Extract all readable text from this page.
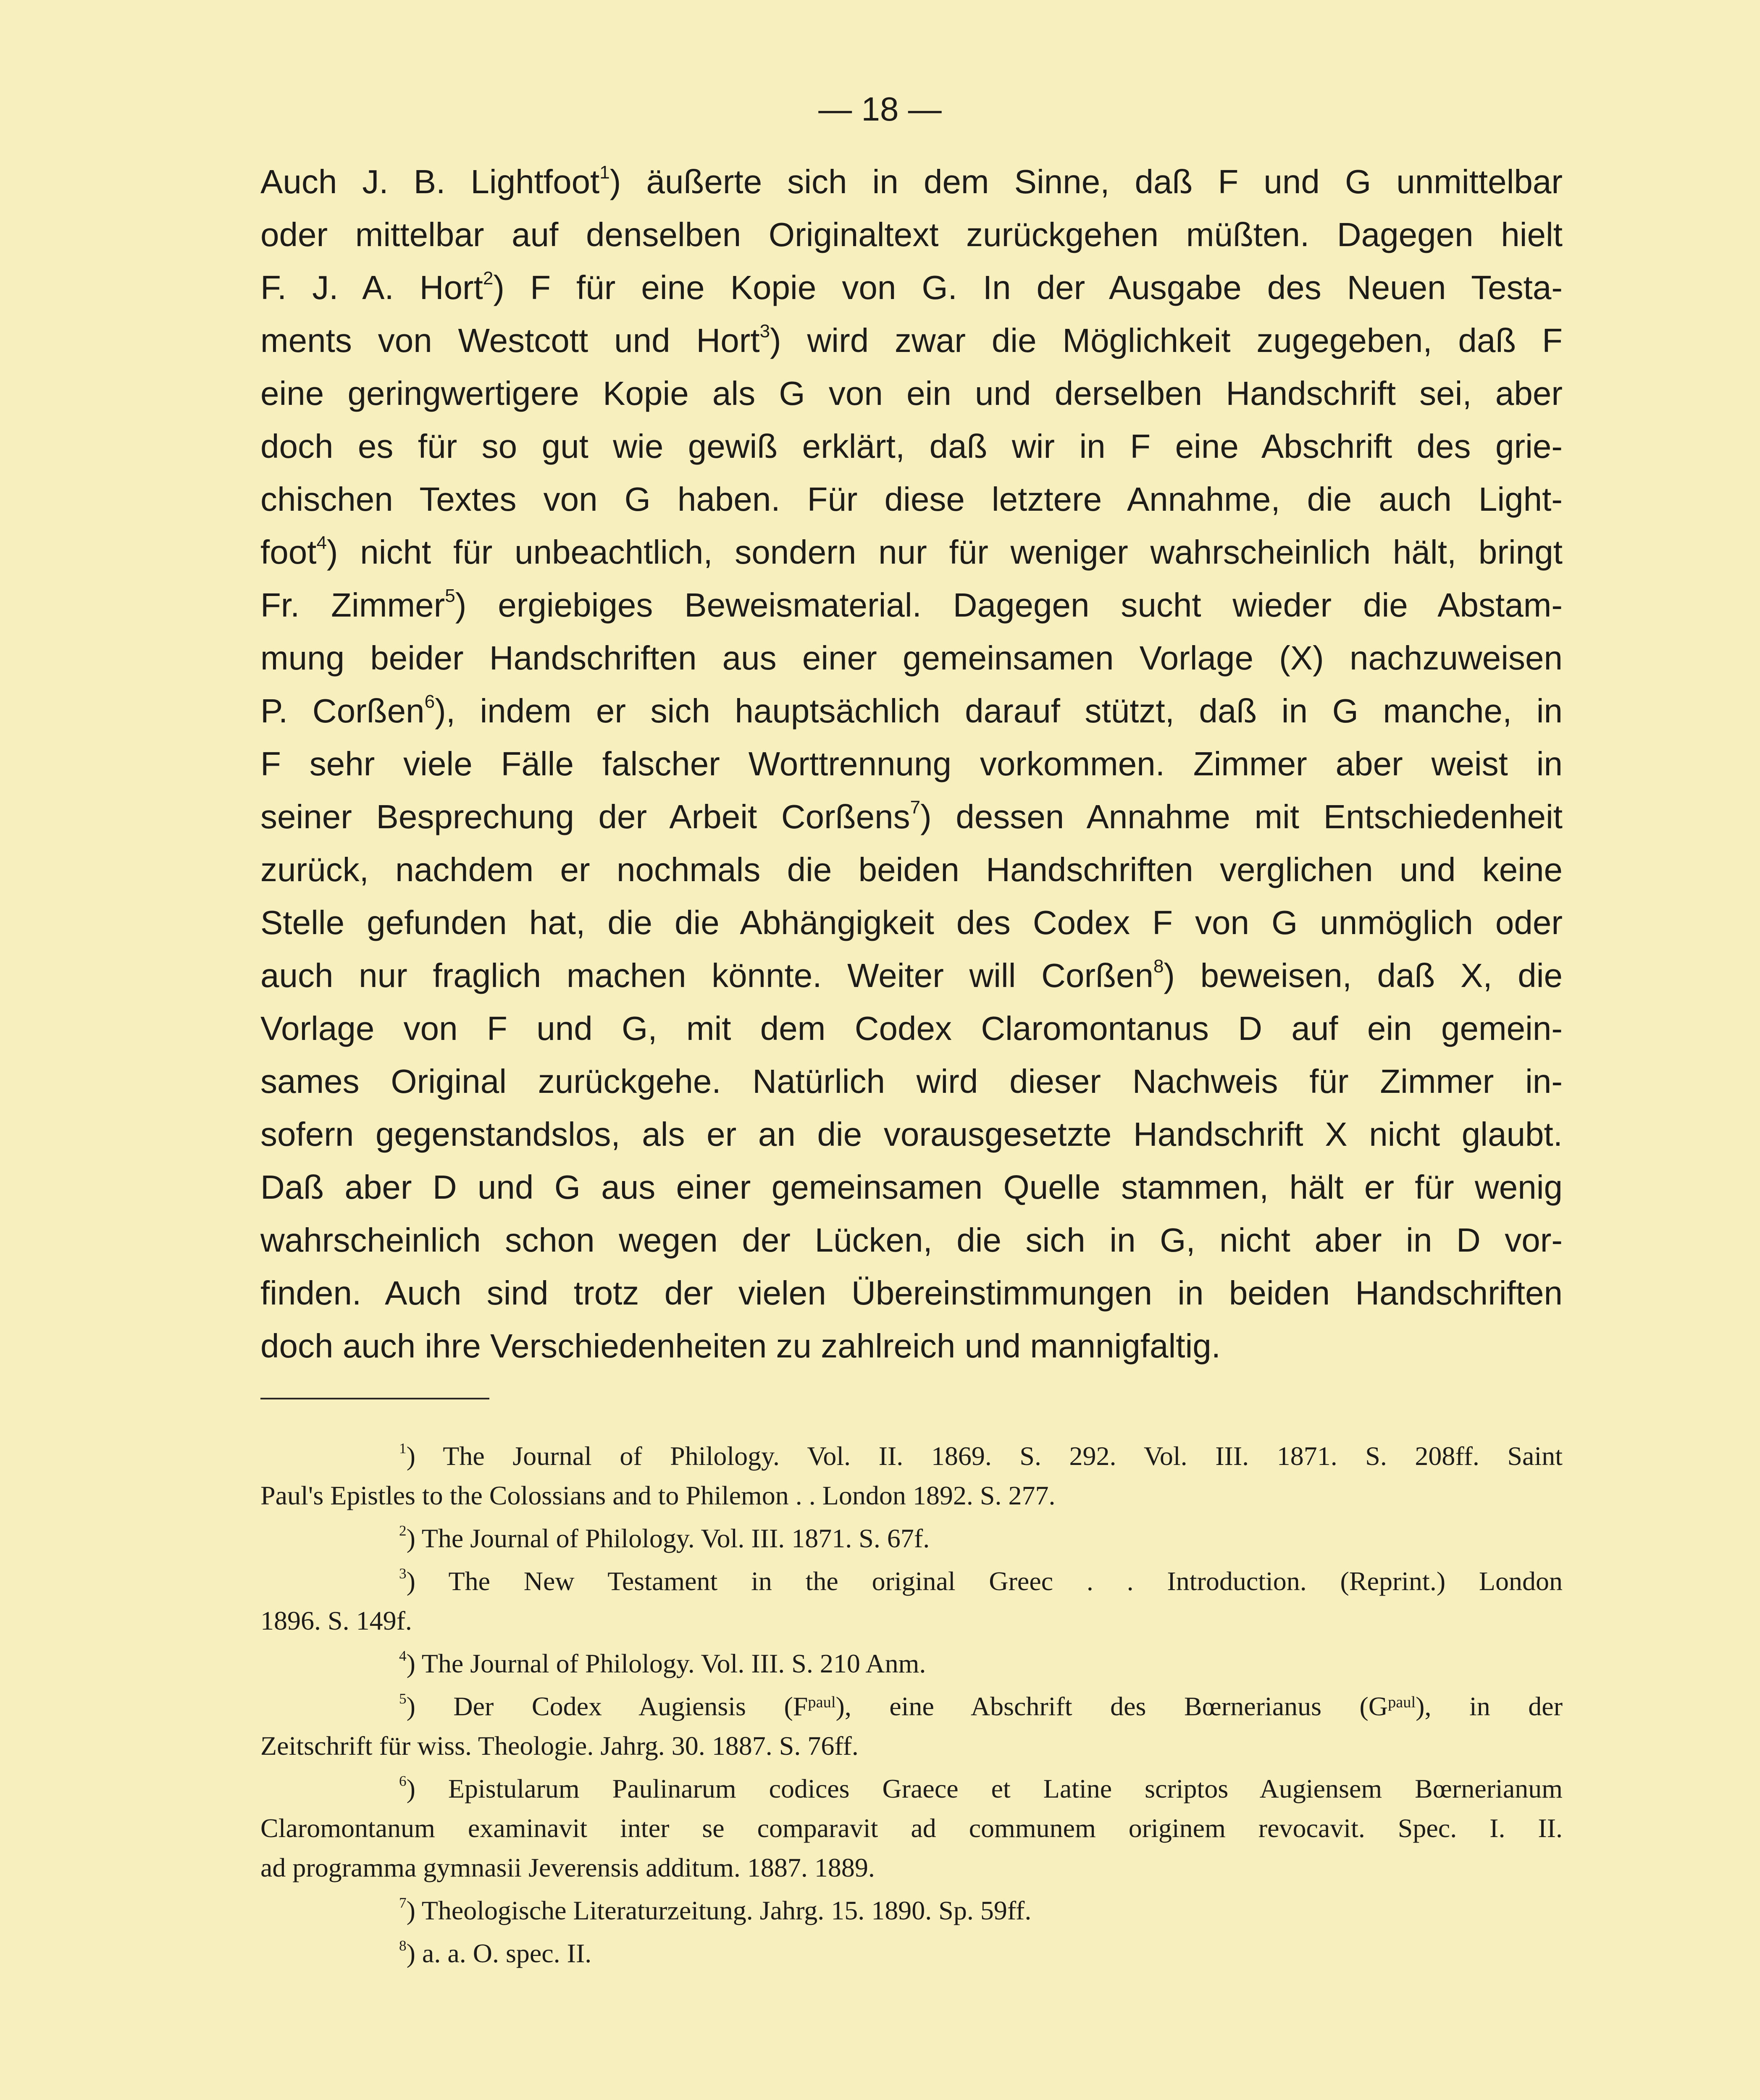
— 18 —
Auch J. B. Lightfoot$^1$) äußerte sich in dem Sinne, daß F und G unmittelbar
oder mittelbar auf denselben Originaltext zurückgehen müßten. Dagegen hielt
F. J. A. Hort$^2$) F für eine Kopie von G. In der Ausgabe des Neuen Testa-
ments von Westcott und Hort$^3$) wird zwar die Möglichkeit zugegeben, daß F
eine geringwertigere Kopie als G von ein und derselben Handschrift sei, aber
doch es für so gut wie gewiß erklärt, daß wir in F eine Abschrift des grie-
chischen Textes von G haben. Für diese letztere Annahme, die auch Light-
foot$^4$) nicht für unbeachtlich, sondern nur für weniger wahrscheinlich hält, bringt
Fr. Zimmer$^5$) ergiebiges Beweismaterial. Dagegen sucht wieder die Abstam-
mung beider Handschriften aus einer gemeinsamen Vorlage (X) nachzuweisen
P. Corßen$^6$), indem er sich hauptsächlich darauf stützt, daß in G manche, in
F sehr viele Fälle falscher Worttrennung vorkommen. Zimmer aber weist in
seiner Besprechung der Arbeit Corßens$^7$) dessen Annahme mit Entschiedenheit
zurück, nachdem er nochmals die beiden Handschriften verglichen und keine
Stelle gefunden hat, die die Abhängigkeit des Codex F von G unmöglich oder
auch nur fraglich machen könnte. Weiter will Corßen$^8$) beweisen, daß X, die
Vorlage von F und G, mit dem Codex Claromontanus D auf ein gemein-
sames Original zurückgehe. Natürlich wird dieser Nachweis für Zimmer in-
sofern gegenstandslos, als er an die vorausgesetzte Handschrift X nicht glaubt.
Daß aber D und G aus einer gemeinsamen Quelle stammen, hält er für wenig
wahrscheinlich schon wegen der Lücken, die sich in G, nicht aber in D vor-
finden. Auch sind trotz der vielen Übereinstimmungen in beiden Handschriften
doch auch ihre Verschiedenheiten zu zahlreich und mannigfaltig.
$^1$) The Journal of Philology. Vol. II. 1869. S. 292. Vol. III. 1871. S. 208ff. Saint
Paul's Epistles to the Colossians and to Philemon . . London 1892. S. 277.
$^2$) The Journal of Philology. Vol. III. 1871. S. 67f.
$^3$) The New Testament in the original Greec . . Introduction. (Reprint.) London
1896. S. 149f.
$^4$) The Journal of Philology. Vol. III. S. 210 Anm.
$^5$) Der Codex Augiensis $(F^{paul})$, eine Abschrift des Bœrnerianus $(G^{paul})$, in der
Zeitschrift für wiss. Theologie. Jahrg. 30. 1887. S. 76ff.
$^6$) Epistularum Paulinarum codices Graece et Latine scriptos Augiensem Bœrnerianum
Claromontanum examinavit inter se comparavit ad communem originem revocavit. Spec. I. II.
ad programma gymnasii Jeverensis additum. 1887. 1889.
$^7$) Theologische Literaturzeitung. Jahrg. 15. 1890. Sp. 59ff.
$^8$) a. a. O. spec. II.
